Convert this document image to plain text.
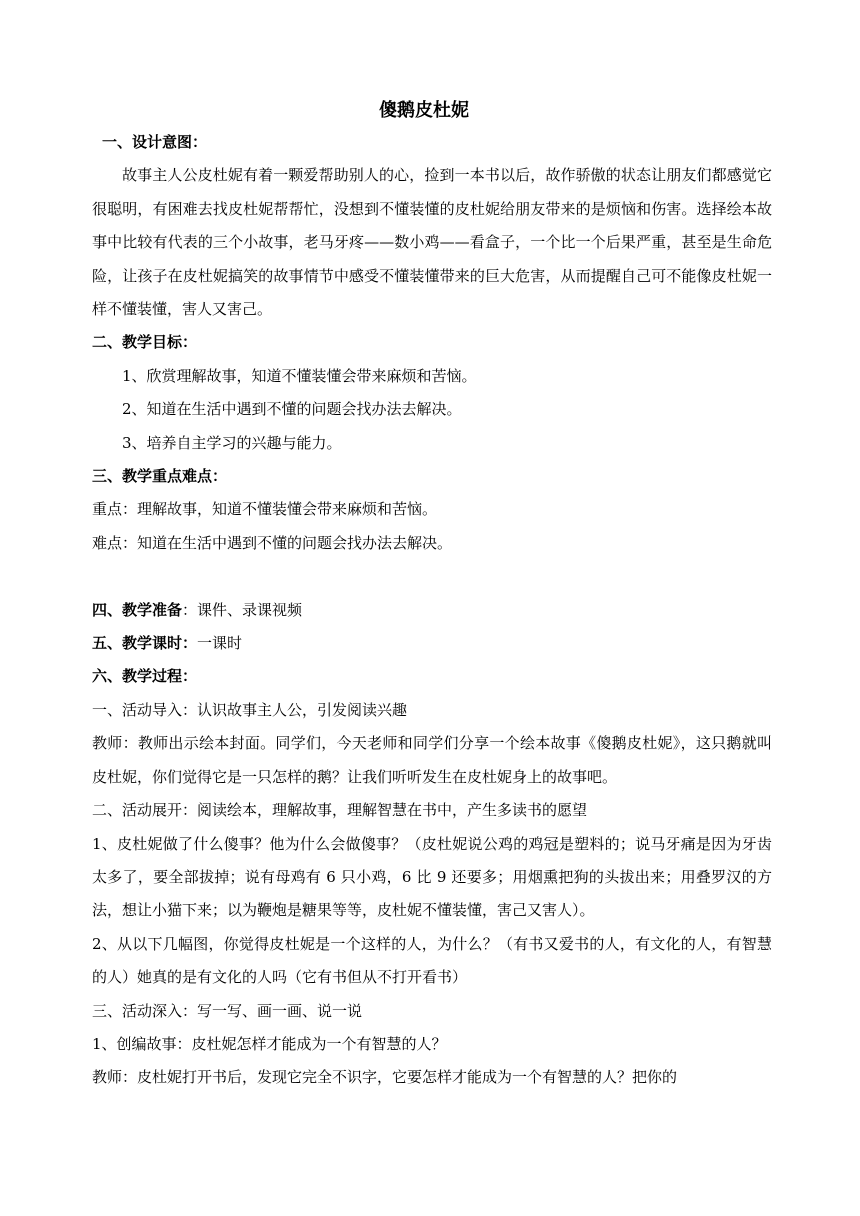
傻鹅皮杜妮
一、设计意图：
故事主人公皮杜妮有着一颗爱帮助别人的心，捡到一本书以后，故作骄傲的状态让朋友们都感觉它很聪明，有困难去找皮杜妮帮帮忙，没想到不懂装懂的皮杜妮给朋友带来的是烦恼和伤害。选择绘本故事中比较有代表的三个小故事，老马牙疼——数小鸡——看盒子，一个比一个后果严重，甚至是生命危险，让孩子在皮杜妮搞笑的故事情节中感受不懂装懂带来的巨大危害，从而提醒自己可不能像皮杜妮一样不懂装懂，害人又害己。
二、教学目标：
1、欣赏理解故事，知道不懂装懂会带来麻烦和苦恼。
2、知道在生活中遇到不懂的问题会找办法去解决。
3、培养自主学习的兴趣与能力。
三、教学重点难点：
重点：理解故事，知道不懂装懂会带来麻烦和苦恼。
难点：知道在生活中遇到不懂的问题会找办法去解决。
四、教学准备：课件、录课视频
五、教学课时：一课时
六、教学过程：
一、活动导入：认识故事主人公，引发阅读兴趣
教师：教师出示绘本封面。同学们，今天老师和同学们分享一个绘本故事《傻鹅皮杜妮》，这只鹅就叫皮杜妮，你们觉得它是一只怎样的鹅？让我们听听发生在皮杜妮身上的故事吧。
二、活动展开：阅读绘本，理解故事，理解智慧在书中，产生多读书的愿望
1、皮杜妮做了什么傻事？他为什么会做傻事？（皮杜妮说公鸡的鸡冠是塑料的；说马牙痛是因为牙齿太多了，要全部拔掉；说有母鸡有 6 只小鸡，6 比 9 还要多；用烟熏把狗的头拔出来；用叠罗汉的方法，想让小猫下来；以为鞭炮是糖果等等，皮杜妮不懂装懂，害己又害人）。
2、从以下几幅图，你觉得皮杜妮是一个这样的人，为什么？（有书又爱书的人，有文化的人，有智慧的人）她真的是有文化的人吗（它有书但从不打开看书）
三、活动深入：写一写、画一画、说一说
1、创编故事：皮杜妮怎样才能成为一个有智慧的人？
教师：皮杜妮打开书后，发现它完全不识字，它要怎样才能成为一个有智慧的人？把你的
